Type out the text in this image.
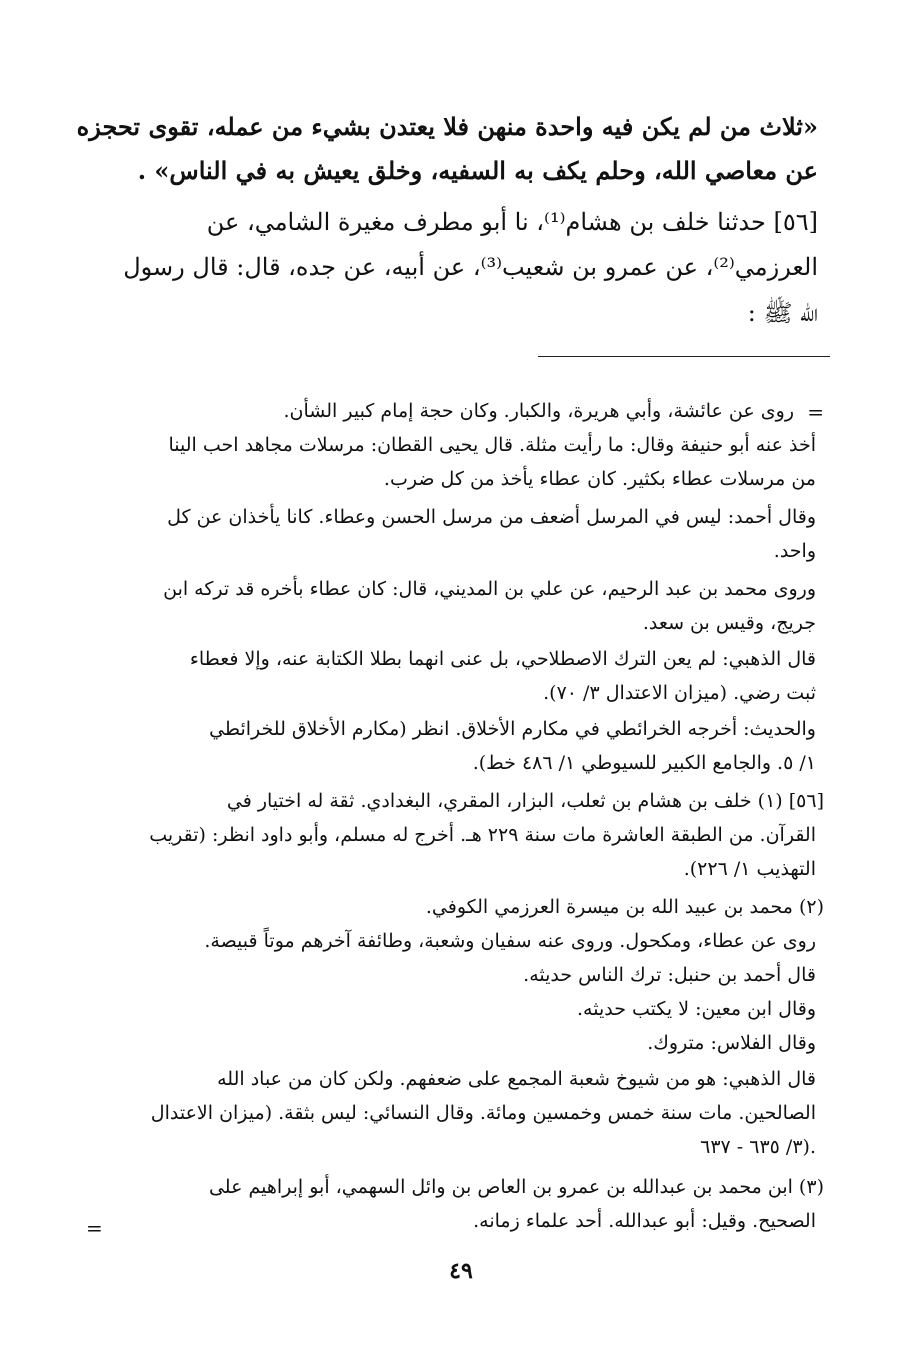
«ثلاث من لم يكن فيه واحدة منهن فلا يعتدن بشيء من عمله، تقوى تحجزه
عن معاصي الله، وحلم يكف به السفيه، وخلق يعيش به في الناس» .
[٥٦] حدثنا خلف بن هشام⁽¹⁾، نا أبو مطرف مغيرة الشامي، عن
العرزمي⁽²⁾، عن عمرو بن شعيب⁽³⁾، عن أبيه، عن جده، قال: قال رسول
الله ﷺ :
=
روى عن عائشة، وأبي هريرة، والكبار. وكان حجة إمام كبير الشأن.
أخذ عنه أبو حنيفة وقال: ما رأيت مثلة. قال يحيى القطان: مرسلات مجاهد احب الينا
من مرسلات عطاء بكثير. كان عطاء يأخذ من كل ضرب.
وقال أحمد: ليس في المرسل أضعف من مرسل الحسن وعطاء. كانا يأخذان عن كل
واحد.
وروى محمد بن عبد الرحيم، عن علي بن المديني، قال: كان عطاء بأخره قد تركه ابن
جريج، وقيس بن سعد.
قال الذهبي: لم يعن الترك الاصطلاحي، بل عنى انهما بطلا الكتابة عنه، وإلا فعطاء
ثبت رضي. (ميزان الاعتدال ٣/ ٧٠).
والحديث: أخرجه الخرائطي في مكارم الأخلاق. انظر (مكارم الأخلاق للخرائطي
١/ ٥. والجامع الكبير للسيوطي ١/ ٤٨٦ خط).
[٥٦] (١) خلف بن هشام بن ثعلب، البزار، المقري، البغدادي. ثقة له اختيار في
القرآن. من الطبقة العاشرة مات سنة ٢٢٩ هـ. أخرج له مسلم، وأبو داود انظر: (تقريب
التهذيب ١/ ٢٢٦).
(٢) محمد بن عبيد الله بن ميسرة العرزمي الكوفي.
روى عن عطاء، ومكحول. وروى عنه سفيان وشعبة، وطائفة آخرهم موتاً قبيصة.
قال أحمد بن حنبل: ترك الناس حديثه.
وقال ابن معين: لا يكتب حديثه.
وقال الفلاس: متروك.
قال الذهبي: هو من شيوخ شعبة المجمع على ضعفهم. ولكن كان من عباد الله
الصالحين. مات سنة خمس وخمسين ومائة. وقال النسائي: ليس بثقة. (ميزان الاعتدال
٣/ ٦٣٥ - ٦٣٧).
(٣) ابن محمد بن عبدالله بن عمرو بن العاص بن وائل السهمي، أبو إبراهيم على
الصحيح. وقيل: أبو عبدالله. أحد علماء زمانه.
=
٤٩
